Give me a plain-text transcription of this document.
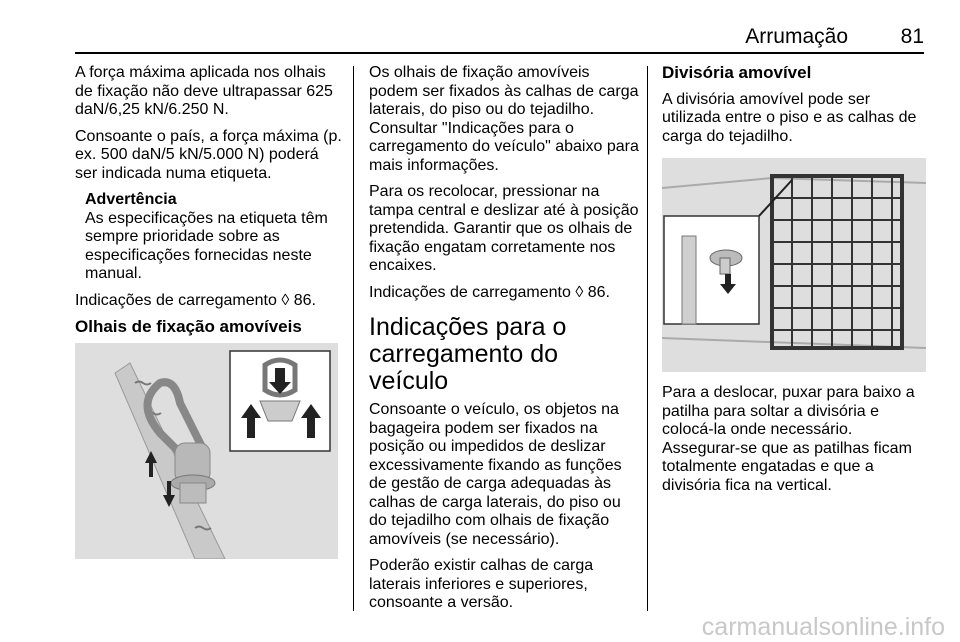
Arrumação	81

A força máxima aplicada nos olhais de fixação não deve ultrapassar 625 daN/6,25 kN/6.250 N.

Consoante o país, a força máxima (p. ex. 500 daN/5 kN/5.000 N) poderá ser indicada numa etiqueta.

Advertência
As especificações na etiqueta têm sempre prioridade sobre as especificações fornecidas neste manual.

Indicações de carregamento ◊ 86.

Olhais de fixação amovíveis

Os olhais de fixação amovíveis podem ser fixados às calhas de carga laterais, do piso ou do tejadilho. Consultar "Indicações para o carregamento do veículo" abaixo para mais informações.

Para os recolocar, pressionar na tampa central e deslizar até à posição pretendida. Garantir que os olhais de fixação engatam corretamente nos encaixes.

Indicações de carregamento ◊ 86.

Indicações para o carregamento do veículo

Consoante o veículo, os objetos na bagageira podem ser fixados na posição ou impedidos de deslizar excessivamente fixando as funções de gestão de carga adequadas às calhas de carga laterais, do piso ou do tejadilho com olhais de fixação amovíveis (se necessário).

Poderão existir calhas de carga laterais inferiores e superiores, consoante a versão.

Divisória amovível

A divisória amovível pode ser utilizada entre o piso e as calhas de carga do tejadilho.

Para a deslocar, puxar para baixo a patilha para soltar a divisória e colocá-la onde necessário. Assegurar-se que as patilhas ficam totalmente engatadas e que a divisória fica na vertical.

carmanualsonline.info
